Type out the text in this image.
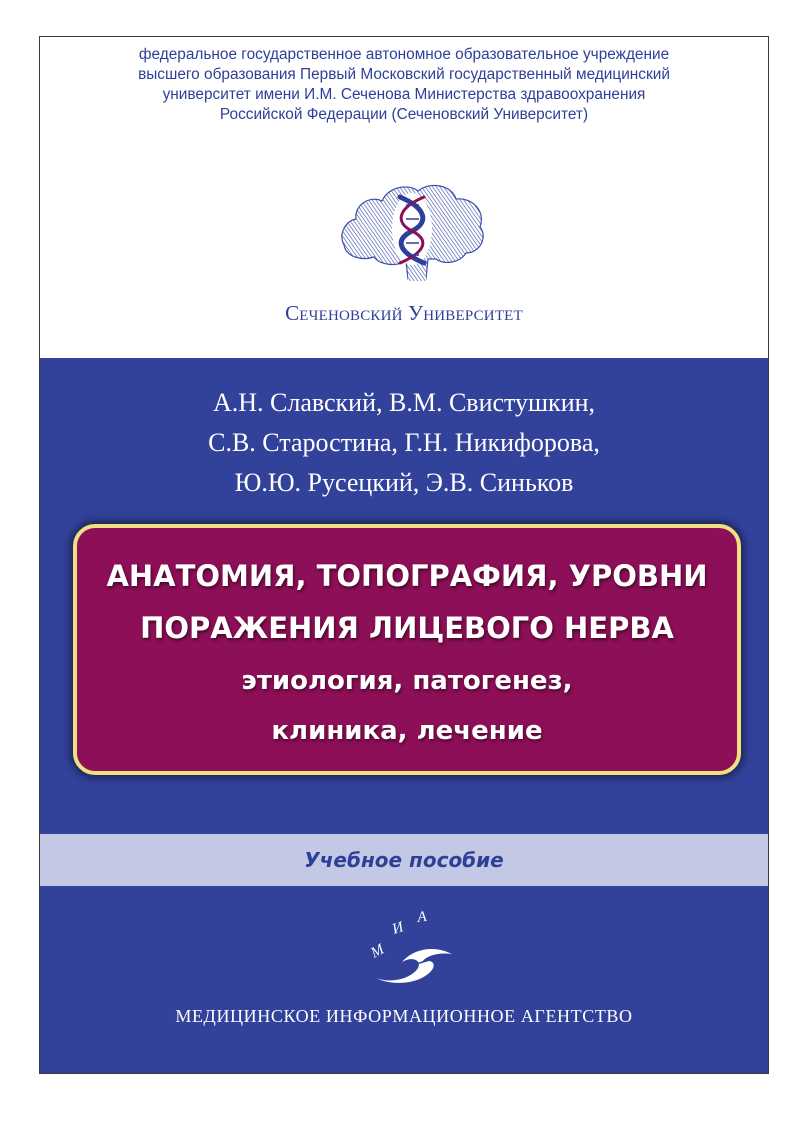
федеральное государственное автономное образовательное учреждение
высшего образования Первый Московский государственный медицинский
университет имени И.М. Сеченова Министерства здравоохранения
Российской Федерации (Сеченовский Университет)
Сеченовский Университет
А.Н. Славский, В.М. Свистушкин,
С.В. Старостина, Г.Н. Никифорова,
Ю.Ю. Русецкий, Э.В. Синьков
АНАТОМИЯ, ТОПОГРАФИЯ, УРОВНИ
ПОРАЖЕНИЯ ЛИЦЕВОГО НЕРВА
этиология, патогенез,
клиника, лечение
Учебное пособие
М
И
А
МЕДИЦИНСКОЕ ИНФОРМАЦИОННОЕ АГЕНТСТВО
